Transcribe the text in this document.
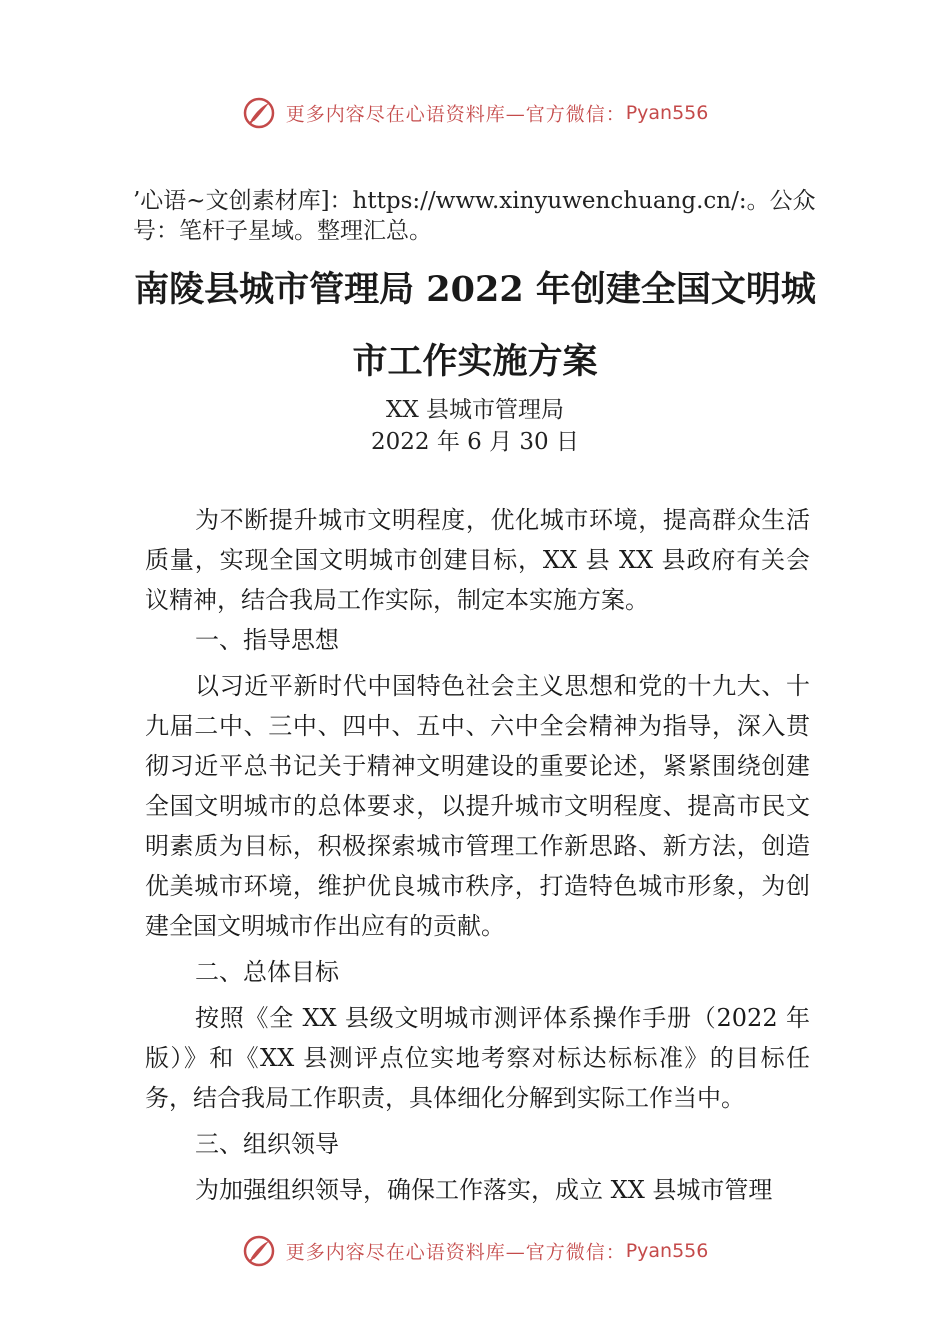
更多内容尽在心语资料库—官方微信：Pyan556
’心语~文创素材库]：https://www.xinyuwenchuang.cn/:。公众号：笔杆子星域。整理汇总。
南陵县城市管理局 2022 年创建全国文明城
市工作实施方案
XX 县城市管理局
2022 年 6 月 30 日

为不断提升城市文明程度，优化城市环境，提高群众生活质量，实现全国文明城市创建目标，XX 县 XX 县政府有关会议精神，结合我局工作实际，制定本实施方案。

一、指导思想

以习近平新时代中国特色社会主义思想和党的十九大、十九届二中、三中、四中、五中、六中全会精神为指导，深入贯彻习近平总书记关于精神文明建设的重要论述，紧紧围绕创建全国文明城市的总体要求，以提升城市文明程度、提高市民文明素质为目标，积极探索城市管理工作新思路、新方法，创造优美城市环境，维护优良城市秩序，打造特色城市形象，为创建全国文明城市作出应有的贡献。

二、总体目标

按照《全 XX 县级文明城市测评体系操作手册（2022 年版）》和《XX 县测评点位实地考察对标达标标准》的目标任务，结合我局工作职责，具体细化分解到实际工作当中。

三、组织领导

为加强组织领导，确保工作落实，成立 XX 县城市管理

更多内容尽在心语资料库—官方微信：Pyan556
